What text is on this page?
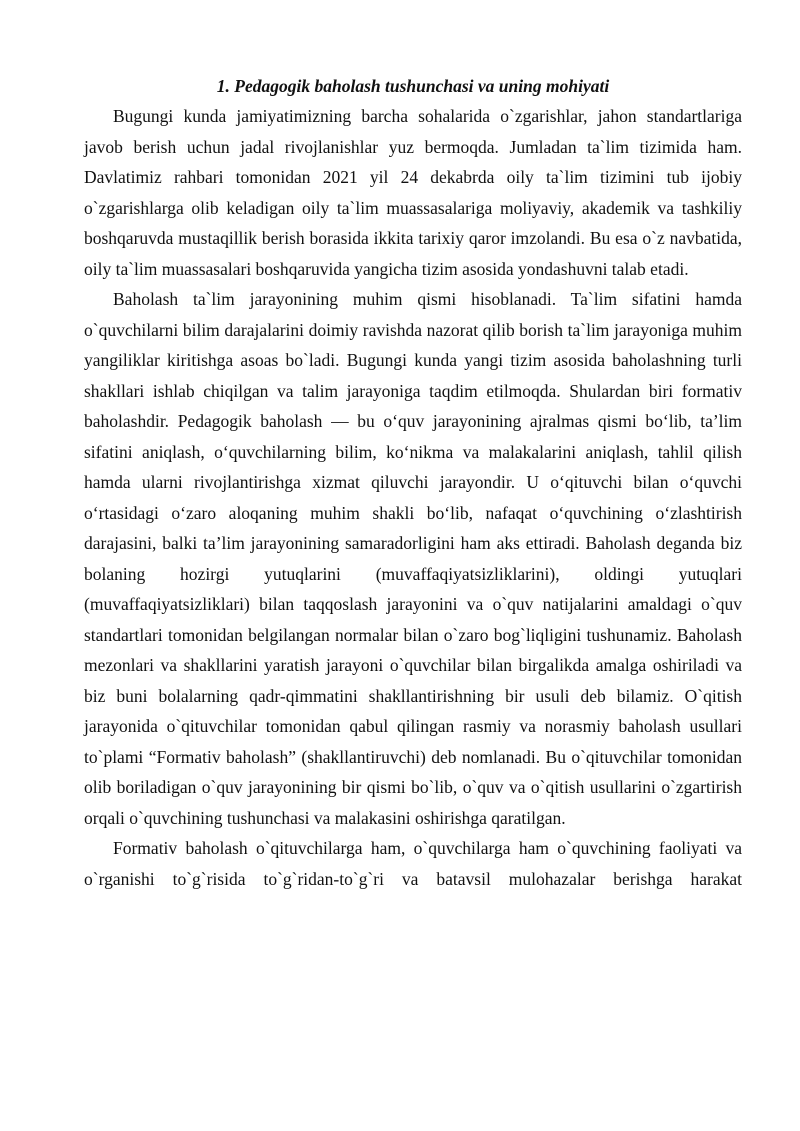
1. Pedagogik baholash tushunchasi va uning mohiyati

Bugungi kunda jamiyatimizning barcha sohalarida o`zgarishlar, jahon standartlariga javob berish uchun jadal rivojlanishlar yuz bermoqda. Jumladan ta`lim tizimida ham. Davlatimiz rahbari tomonidan 2021 yil 24 dekabrda oily ta`lim tizimini tub ijobiy o`zgarishlarga olib keladigan oily ta`lim muassasalariga moliyaviy, akademik va tashkiliy boshqaruvda mustaqillik berish borasida ikkita tarixiy qaror imzolandi. Bu esa o`z navbatida, oily ta`lim muassasalari boshqaruvida yangicha tizim asosida yondashuvni talab etadi.

Baholash ta`lim jarayonining muhim qismi hisoblanadi. Ta`lim sifatini hamda o`quvchilarni bilim darajalarini doimiy ravishda nazorat qilib borish ta`lim jarayoniga muhim yangiliklar kiritishga asoas bo`ladi. Bugungi kunda yangi tizim asosida baholashning turli shakllari ishlab chiqilgan va talim jarayoniga taqdim etilmoqda. Shulardan biri formativ baholashdir. Pedagogik baholash — bu o‘quv jarayonining ajralmas qismi bo‘lib, ta’lim sifatini aniqlash, o‘quvchilarning bilim, ko‘nikma va malakalarini aniqlash, tahlil qilish hamda ularni rivojlantirishga xizmat qiluvchi jarayondir. U o‘qituvchi bilan o‘quvchi o‘rtasidagi o‘zaro aloqaning muhim shakli bo‘lib, nafaqat o‘quvchining o‘zlashtirish darajasini, balki ta’lim jarayonining samaradorligini ham aks ettiradi. Baholash deganda biz bolaning hozirgi yutuqlarini (muvaffaqiyatsizliklarini), oldingi yutuqlari (muvaffaqiyatsizliklari) bilan taqqoslash jarayonini va o`quv natijalarini amaldagi o`quv standartlari tomonidan belgilangan normalar bilan o`zaro bog`liqligini tushunamiz. Baholash mezonlari va shakllarini yaratish jarayoni o`quvchilar bilan birgalikda amalga oshiriladi va biz buni bolalarning qadr-qimmatini shakllantirishning bir usuli deb bilamiz. O`qitish jarayonida o`qituvchilar tomonidan qabul qilingan rasmiy va norasmiy baholash usullari to`plami “Formativ baholash” (shakllantiruvchi) deb nomlanadi. Bu o`qituvchilar tomonidan olib boriladigan o`quv jarayonining bir qismi bo`lib, o`quv va o`qitish usullarini o`zgartirish orqali o`quvchining tushunchasi va malakasini oshirishga qaratilgan.

Formativ baholash o`qituvchilarga ham, o`quvchilarga ham o`quvchining faoliyati va o`rganishi to`g`risida to`g`ridan-to`g`ri va batavsil mulohazalar berishga harakat
